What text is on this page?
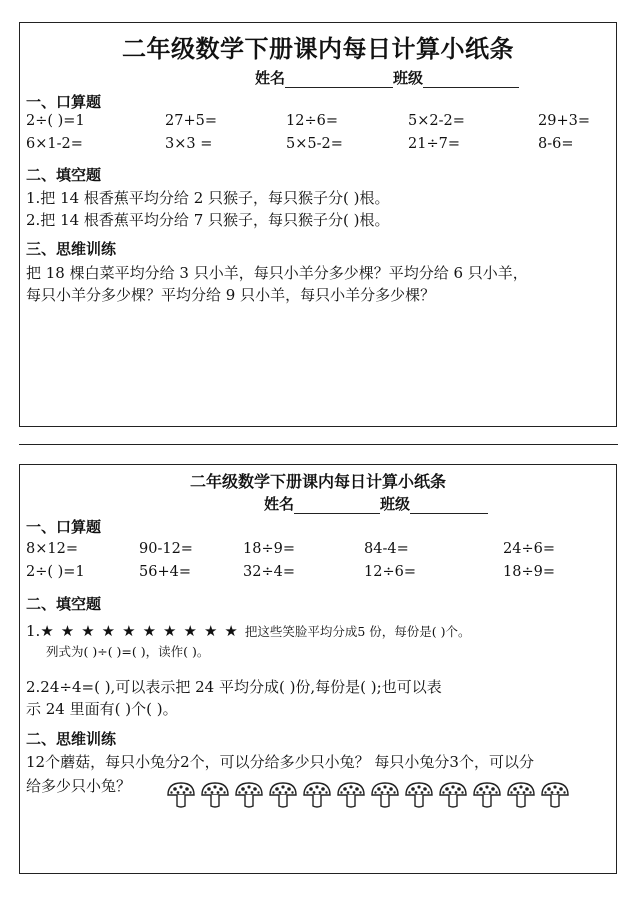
二年级数学下册课内每日计算小纸条
姓名	班级
一、口算题
2÷( )=1	27+5=	12÷6=	5×2-2=	29+3=
6×1-2=	3×3 =	5×5-2=	21÷7=	8-6=
二、填空题
1.把 14 根香蕉平均分给 2 只猴子，每只猴子分( )根。
2.把 14 根香蕉平均分给 7 只猴子，每只猴子分( )根。
三、思维训练
把 18 棵白菜平均分给 3 只小羊，每只小羊分多少棵？平均分给 6 只小羊，
每只小羊分多少棵？平均分给 9 只小羊，每只小羊分多少棵？
二年级数学下册课内每日计算小纸条
姓名	班级
一、口算题
8×12=	90-12=	18÷9=	84-4=	24÷6=
2÷( )=1	56+4=	32÷4=	12÷6=	18÷9=
二、填空题
1.★ ★ ★ ★ ★ ★ ★ ★ ★ ★ 把这些笑脸平均分成5 份，每份是( )个。
列式为( )÷( )=( )，读作( )。
2.24÷4=( ),可以表示把 24 平均分成( )份,每份是( );也可以表
示 24 里面有( )个( )。
二、思维训练
12个蘑菇，每只小兔分2个，可以分给多少只小兔？ 每只小兔分3个，可以分
给多少只小兔？
